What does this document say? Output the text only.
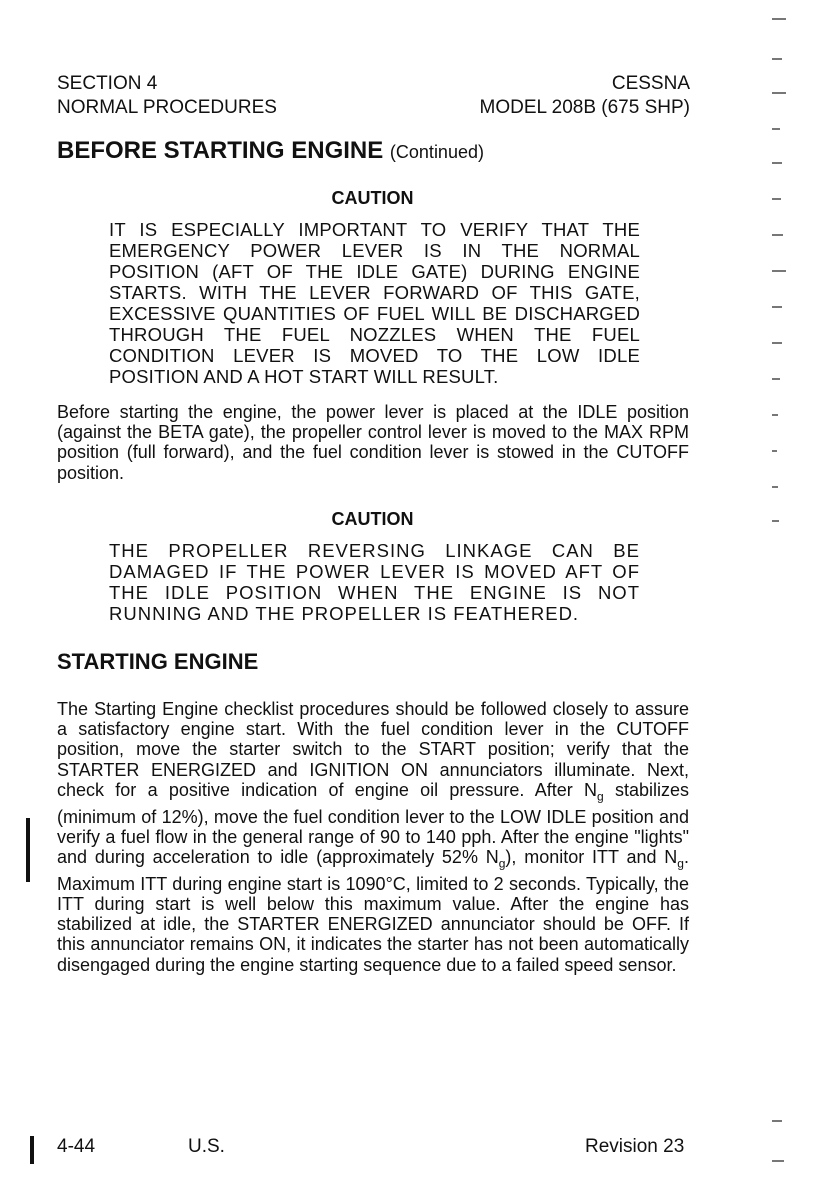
SECTION 4
NORMAL PROCEDURES
CESSNA
MODEL 208B (675 SHP)
BEFORE STARTING ENGINE (Continued)
CAUTION
IT IS ESPECIALLY IMPORTANT TO VERIFY THAT THE EMERGENCY POWER LEVER IS IN THE NORMAL POSITION (AFT OF THE IDLE GATE) DURING ENGINE STARTS. WITH THE LEVER FORWARD OF THIS GATE, EXCESSIVE QUANTITIES OF FUEL WILL BE DISCHARGED THROUGH THE FUEL NOZZLES WHEN THE FUEL CONDITION LEVER IS MOVED TO THE LOW IDLE POSITION AND A HOT START WILL RESULT.
Before starting the engine, the power lever is placed at the IDLE position (against the BETA gate), the propeller control lever is moved to the MAX RPM position (full forward), and the fuel condition lever is stowed in the CUTOFF position.
CAUTION
THE PROPELLER REVERSING LINKAGE CAN BE DAMAGED IF THE POWER LEVER IS MOVED AFT OF THE IDLE POSITION WHEN THE ENGINE IS NOT RUNNING AND THE PROPELLER IS FEATHERED.
STARTING ENGINE
The Starting Engine checklist procedures should be followed closely to assure a satisfactory engine start. With the fuel condition lever in the CUTOFF position, move the starter switch to the START position; verify that the STARTER ENERGIZED and IGNITION ON annunciators illuminate. Next, check for a positive indication of engine oil pressure. After $N_g$ stabilizes (minimum of 12%), move the fuel condition lever to the LOW IDLE position and verify a fuel flow in the general range of 90 to 140 pph. After the engine "lights" and during acceleration to idle (approximately 52% $N_g$), monitor ITT and $N_g$. Maximum ITT during engine start is 1090°C, limited to 2 seconds. Typically, the ITT during start is well below this maximum value. After the engine has stabilized at idle, the STARTER ENERGIZED annunciator should be OFF. If this annunciator remains ON, it indicates the starter has not been automatically disengaged during the engine starting sequence due to a failed speed sensor.
4-44	U.S.	Revision 23
